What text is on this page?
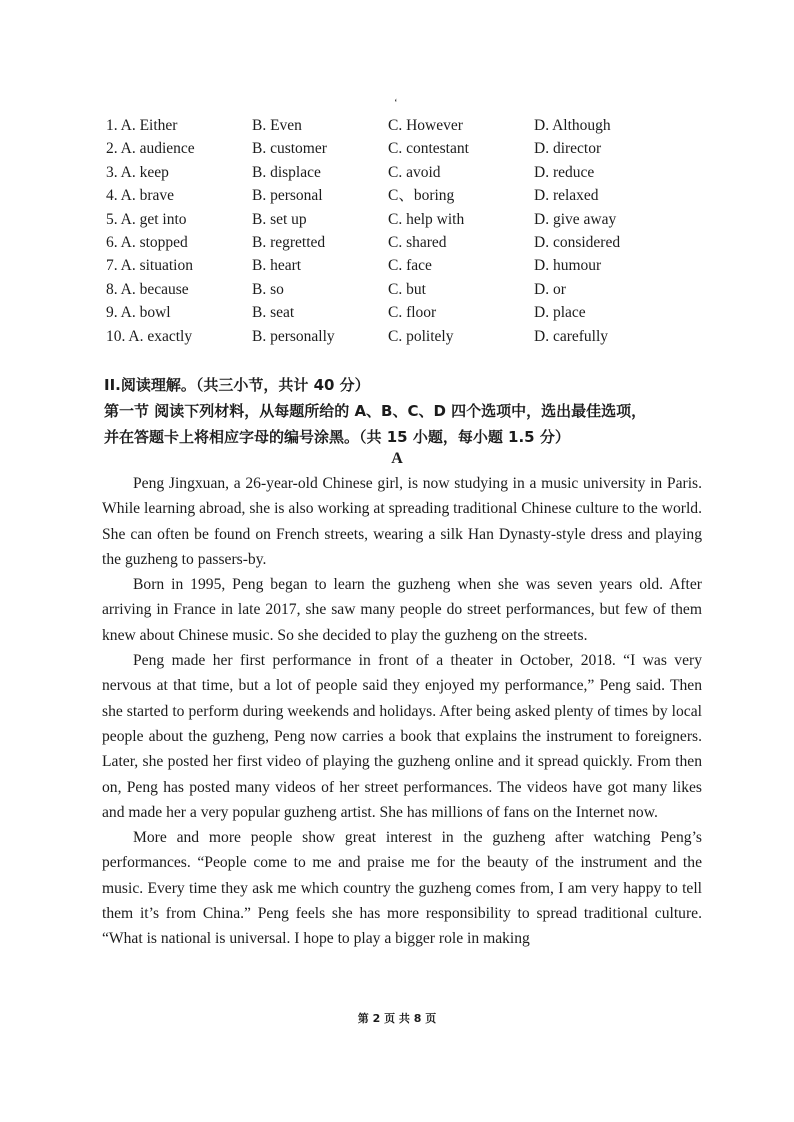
‘
1. A. Either	B. Even	C. However	D. Although
2. A. audience	B. customer	C. contestant	D. director
3. A. keep	B. displace	C. avoid	D. reduce
4. A. brave	B. personal	C、boring	D. relaxed
5. A. get into	B. set up	C. help with	D. give away
6. A. stopped	B. regretted	C. shared	D. considered
7. A. situation	B. heart	C. face	D. humour
8. A. because	B. so	C. but	D. or
9. A. bowl	B. seat	C. floor	D. place
10. A. exactly	B. personally	C. politely	D. carefully
II.阅读理解。（共三小节，共计 40 分）
第一节 阅读下列材料，从每题所给的 A、B、C、D 四个选项中，选出最佳选项，
并在答题卡上将相应字母的编号涂黑。（共 15 小题，每小题 1.5 分）
A

Peng Jingxuan, a 26-year-old Chinese girl, is now studying in a music university in Paris. While learning abroad, she is also working at spreading traditional Chinese culture to the world. She can often be found on French streets, wearing a silk Han Dynasty-style dress and playing the guzheng to passers-by.

Born in 1995, Peng began to learn the guzheng when she was seven years old. After arriving in France in late 2017, she saw many people do street performances, but few of them knew about Chinese music. So she decided to play the guzheng on the streets.

Peng made her first performance in front of a theater in October, 2018. “I was very nervous at that time, but a lot of people said they enjoyed my performance,” Peng said. Then she started to perform during weekends and holidays. After being asked plenty of times by local people about the guzheng, Peng now carries a book that explains the instrument to foreigners. Later, she posted her first video of playing the guzheng online and it spread quickly. From then on, Peng has posted many videos of her street performances. The videos have got many likes and made her a very popular guzheng artist. She has millions of fans on the Internet now.

More and more people show great interest in the guzheng after watching Peng’s performances. “People come to me and praise me for the beauty of the instrument and the music. Every time they ask me which country the guzheng comes from, I am very happy to tell them it’s from China.” Peng feels she has more responsibility to spread traditional culture. “What is national is universal. I hope to play a bigger role in making

第 2 页 共 8 页
